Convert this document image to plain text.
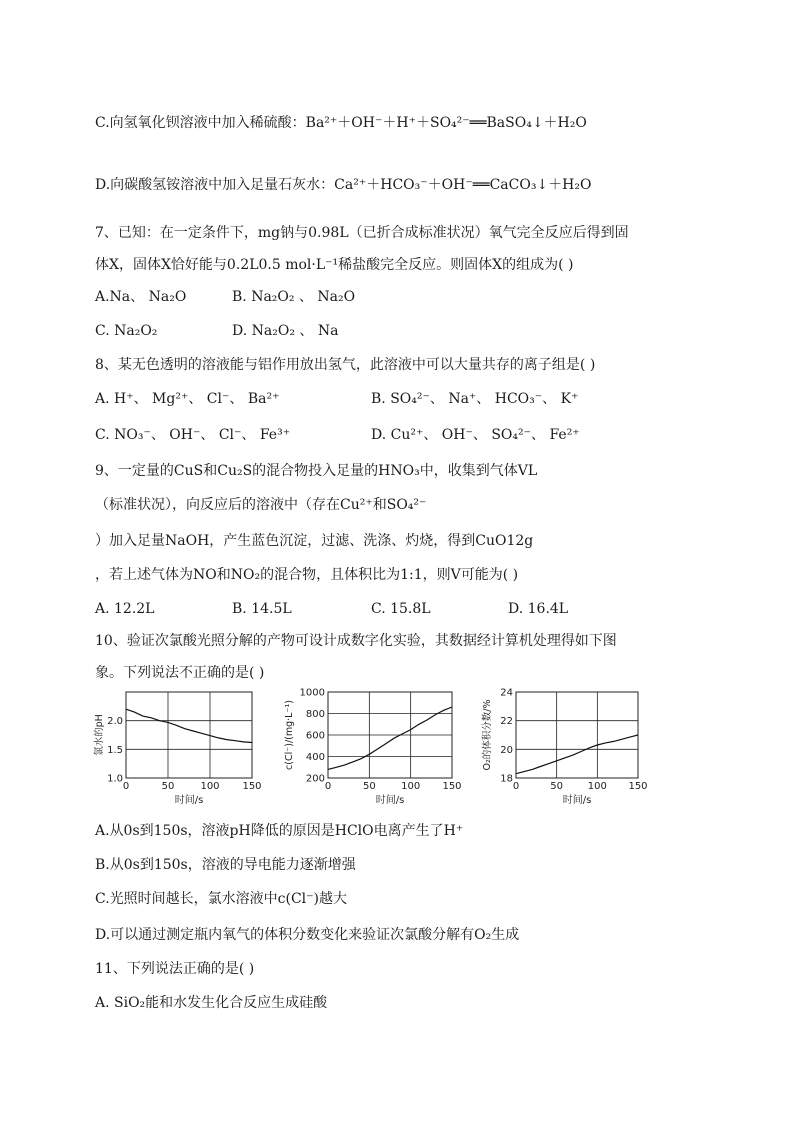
C.向氢氧化钡溶液中加入稀硫酸：Ba²⁺＋OH⁻＋H⁺＋SO₄²⁻══BaSO₄↓＋H₂O
D.向碳酸氢铵溶液中加入足量石灰水：Ca²⁺＋HCO₃⁻＋OH⁻══CaCO₃↓＋H₂O
7、已知：在一定条件下，mg钠与0.98L（已折合成标准状况）氧气完全反应后得到固
体X，固体X恰好能与0.2L0.5 mol·L⁻¹稀盐酸完全反应。则固体X的组成为( )
A.Na、 Na₂O	B. Na₂O₂ 、 Na₂O
C. Na₂O₂	D. Na₂O₂ 、 Na
8、某无色透明的溶液能与铝作用放出氢气，此溶液中可以大量共存的离子组是( )
A. H⁺、 Mg²⁺、 Cl⁻、 Ba²⁺	B. SO₄²⁻、 Na⁺、 HCO₃⁻、 K⁺
C. NO₃⁻、 OH⁻、 Cl⁻、 Fe³⁺	D. Cu²⁺、 OH⁻、 SO₄²⁻、 Fe²⁺
9、一定量的CuS和Cu₂S的混合物投入足量的HNO₃中，收集到气体VL
（标准状况），向反应后的溶液中（存在Cu²⁺和SO₄²⁻
）加入足量NaOH，产生蓝色沉淀，过滤、洗涤、灼烧，得到CuO12g
，若上述气体为NO和NO₂的混合物，且体积比为1:1，则V可能为( )
A. 12.2L	B. 14.5L	C. 15.8L	D. 16.4L
10、验证次氯酸光照分解的产物可设计成数字化实验，其数据经计算机处理得如下图
象。下列说法不正确的是( )
0	50	100 150
1.0
1.5
2.0
时间/s
氯水的pH
0	50	100 150
200
400
600
800
1000
时间/s
c(Cl⁻)/(mg·L⁻¹)
0	50 100 150
18
20
22
24
时间/s
O₂的体积分数/%
A.从0s到150s，溶液pH降低的原因是HClO电离产生了H⁺
B.从0s到150s，溶液的导电能力逐渐增强
C.光照时间越长，氯水溶液中c(Cl⁻)越大
D.可以通过测定瓶内氧气的体积分数变化来验证次氯酸分解有O₂生成
11、下列说法正确的是( )
A. SiO₂能和水发生化合反应生成硅酸
